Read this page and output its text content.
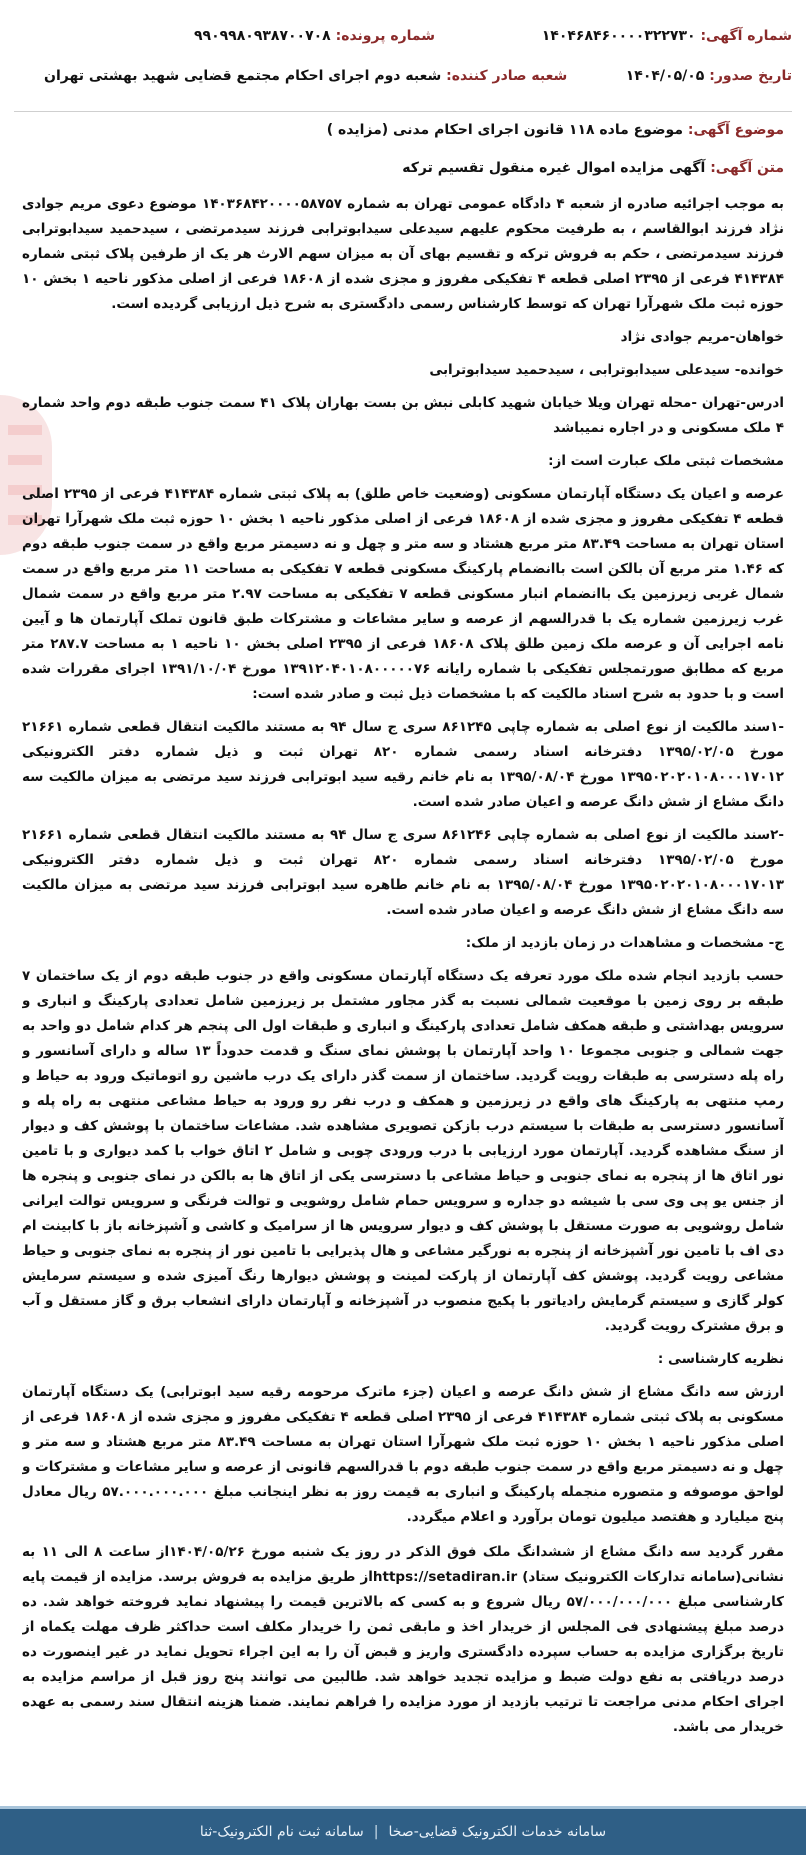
شماره آگهی: ۱۴۰۴۶۸۴۶۰۰۰۰۳۲۲۷۳۰
شماره پرونده: ۹۹۰۹۹۸۰۹۳۸۷۰۰۷۰۸
تاریخ صدور: ۱۴۰۴/۰۵/۰۵
شعبه صادر کننده: شعبه دوم اجرای احکام مجتمع قضایی شهید بهشتی تهران
موضوع آگهی: موضوع ماده ۱۱۸ قانون اجرای احکام مدنی (مزایده )
متن آگهی: آگهی مزایده اموال غیره منقول تقسیم ترکه

به موجب اجرائیه صادره از شعبه ۴ دادگاه عمومی تهران به شماره ۱۴۰۳۶۸۴۲۰۰۰۰۵۸۷۵۷ موضوع دعوی مریم جوادی نژاد فرزند ابوالقاسم ، به طرفیت محکوم علیهم سیدعلی سیدابوترابی فرزند سیدمرتضی ، سیدحمید سیدابوترابی فرزند سیدمرتضی ، حکم به فروش ترکه و تقسیم بهای آن به میزان سهم الارث هر یک از طرفین پلاک ثبتی شماره ۴۱۴۳۸۴ فرعی از ۲۳۹۵ اصلی قطعه ۴ تفکیکی مفروز و مجزی شده از ۱۸۶۰۸ فرعی از اصلی مذکور ناحیه ۱ بخش ۱۰ حوزه ثبت ملک شهرآرا تهران که توسط کارشناس رسمی دادگستری به شرح ذیل ارزیابی گردیده است.

خواهان-مریم جوادی نژاد

خوانده- سیدعلی سیدابوترابی ، سیدحمید سیدابوترابی

ادرس-تهران -محله تهران ویلا خیابان شهید کابلی نبش بن بست بهاران پلاک ۴۱ سمت جنوب طبقه دوم واحد شماره ۴ ملک مسکونی و در اجاره نمیباشد

مشخصات ثبتی ملک عبارت است از:

عرصه و اعیان یک دستگاه آپارتمان مسکونی (وضعیت خاص طلق) به پلاک ثبتی شماره ۴۱۴۳۸۴ فرعی از ۲۳۹۵ اصلی قطعه ۴ تفکیکی مفروز و مجزی شده از ۱۸۶۰۸ فرعی از اصلی مذکور ناحیه ۱ بخش ۱۰ حوزه ثبت ملک شهرآرا تهران استان تهران به مساحت ۸۳.۴۹ متر مربع هشتاد و سه متر و چهل و نه دسیمتر مربع واقع در سمت جنوب طبقه دوم که ۱.۴۶ متر مربع آن بالکن است باانضمام پارکینگ مسکونی قطعه ۷ تفکیکی به مساحت ۱۱ متر مربع واقع در سمت شمال غربی زیرزمین یک باانضمام انبار مسکونی قطعه ۷ تفکیکی به مساحت ۲.۹۷ متر مربع واقع در سمت شمال غرب زیرزمین شماره یک با قدرالسهم از عرصه و سایر مشاعات و مشترکات طبق قانون تملک آپارتمان ها و آیین نامه اجرایی آن و عرصه ملک زمین طلق پلاک ۱۸۶۰۸ فرعی از ۲۳۹۵ اصلی بخش ۱۰ ناحیه ۱ به مساحت ۲۸۷.۷ متر مربع که مطابق صورتمجلس تفکیکی با شماره رایانه ۱۳۹۱۲۰۴۰۱۰۸۰۰۰۰۰۷۶ مورخ ۱۳۹۱/۱۰/۰۴ اجرای مقررات شده است و با حدود به شرح اسناد مالکیت که با مشخصات ذیل ثبت و صادر شده است:

-۱سند مالکیت از نوع اصلی به شماره چاپی ۸۶۱۲۴۵ سری ج سال ۹۴ به مستند مالکیت انتقال قطعی شماره ۲۱۶۶۱ مورخ ۱۳۹۵/۰۲/۰۵ دفترخانه اسناد رسمی شماره ۸۲۰ تهران ثبت و ذیل شماره دفتر الکترونیکی ۱۳۹۵۰۲۰۲۰۱۰۸۰۰۰۱۷۰۱۲ مورخ ۱۳۹۵/۰۸/۰۴ به نام خانم رقیه سید ابوترابی فرزند سید مرتضی به میزان مالکیت سه دانگ مشاع از شش دانگ عرصه و اعیان صادر شده است.

-۲سند مالکیت از نوع اصلی به شماره چاپی ۸۶۱۲۴۶ سری ج سال ۹۴ به مستند مالکیت انتقال قطعی شماره ۲۱۶۶۱ مورخ ۱۳۹۵/۰۲/۰۵ دفترخانه اسناد رسمی شماره ۸۲۰ تهران ثبت و ذیل شماره دفتر الکترونیکی ۱۳۹۵۰۲۰۲۰۱۰۸۰۰۰۱۷۰۱۳ مورخ ۱۳۹۵/۰۸/۰۴ به نام خانم طاهره سید ابوترابی فرزند سید مرتضی به میزان مالکیت سه دانگ مشاع از شش دانگ عرصه و اعیان صادر شده است.

ج- مشخصات و مشاهدات در زمان بازدید از ملک:

حسب بازدید انجام شده ملک مورد تعرفه یک دستگاه آپارتمان مسکونی واقع در جنوب طبقه دوم از یک ساختمان ۷ طبقه بر روی زمین با موقعیت شمالی نسبت به گذر مجاور مشتمل بر زیرزمین شامل تعدادی پارکینگ و انباری و سرویس بهداشتی و طبقه همکف شامل تعدادی پارکینگ و انباری و طبقات اول الی پنجم هر کدام شامل دو واحد به جهت شمالی و جنوبی مجموعا ۱۰ واحد آپارتمان با پوشش نمای سنگ و قدمت حدوداً ۱۳ ساله و دارای آسانسور و راه پله دسترسی به طبقات رویت گردید. ساختمان از سمت گذر دارای یک درب ماشین رو اتوماتیک ورود به حیاط و رمپ منتهی به پارکینگ های واقع در زیرزمین و همکف و درب نفر رو ورود به حیاط مشاعی منتهی به راه پله و آسانسور دسترسی به طبقات با سیستم درب بازکن تصویری مشاهده شد. مشاعات ساختمان با پوشش کف و دیوار از سنگ مشاهده گردید. آپارتمان مورد ارزیابی با درب ورودی چوبی و شامل ۲ اتاق خواب با کمد دیواری و با تامین نور اتاق ها از پنجره به نمای جنوبی و حیاط مشاعی با دسترسی یکی از اتاق ها به بالکن در نمای جنوبی و پنجره ها از جنس یو پی وی سی با شیشه دو جداره و سرویس حمام شامل روشویی و توالت فرنگی و سرویس توالت ایرانی شامل روشویی به صورت مستقل با پوشش کف و دیوار سرویس ها از سرامیک و کاشی و آشپزخانه باز با کابینت ام دی اف با تامین نور آشپزخانه از پنجره به نورگیر مشاعی و هال پذیرایی با تامین نور از پنجره به نمای جنوبی و حیاط مشاعی رویت گردید. پوشش کف آپارتمان از پارکت لمینت و پوشش دیوارها رنگ آمیزی شده و سیستم سرمایش کولر گازی و سیستم گرمایش رادیاتور با پکیج منصوب در آشپزخانه و آپارتمان دارای انشعاب برق و گاز مستقل و آب و برق مشترک رویت گردید.

نظریه کارشناسی :

ارزش سه دانگ مشاع از شش دانگ عرصه و اعیان (جزء ماترک مرحومه رقیه سید ابوترابی) یک دستگاه آپارتمان مسکونی به پلاک ثبتی شماره ۴۱۴۳۸۴ فرعی از ۲۳۹۵ اصلی قطعه ۴ تفکیکی مفروز و مجزی شده از ۱۸۶۰۸ فرعی از اصلی مذکور ناحیه ۱ بخش ۱۰ حوزه ثبت ملک شهرآرا استان تهران به مساحت ۸۳.۴۹ متر مربع هشتاد و سه متر و چهل و نه دسیمتر مربع واقع در سمت جنوب طبقه دوم با قدرالسهم قانونی از عرصه و سایر مشاعات و مشترکات و لواحق موصوفه و متصوره منجمله پارکینگ و انباری به قیمت روز به نظر اینجانب مبلغ ۵۷.۰۰۰.۰۰۰.۰۰۰ ریال معادل پنج میلیارد و هفتصد میلیون تومان برآورد و اعلام میگردد.

مقرر گردید سه دانگ مشاع از ششدانگ ملک فوق الذکر در روز یک شنبه مورخ ۱۴۰۴/۰۵/۲۶از ساعت ۸ الی ۱۱ به نشانی(سامانه تدارکات الکترونیک ستاد) https://setadiran.irاز طریق مزایده به فروش برسد. مزایده از قیمت پایه کارشناسی مبلغ ۵۷/۰۰۰/۰۰۰/۰۰۰ ریال شروع و به کسی که بالاترین قیمت را پیشنهاد نماید فروخته خواهد شد. ده درصد مبلغ پیشنهادی فی المجلس از خریدار اخذ و مابقی ثمن را خریدار مکلف است حداکثر ظرف مهلت یکماه از تاریخ برگزاری مزایده به حساب سپرده دادگستری واریز و قبض آن را به این اجراء تحویل نماید در غیر اینصورت ده درصد دریافتی به نفع دولت ضبط و مزایده تجدید خواهد شد. طالبین می توانند پنج روز قبل از مراسم مزایده به اجرای احکام مدنی مراجعت تا ترتیب بازدید از مورد مزایده را فراهم نمایند. ضمنا هزینه انتقال سند رسمی به عهده خریدار می باشد.

سامانه خدمات الکترونیک قضایی-صخا
|
سامانه ثبت نام الکترونیک-ثنا
